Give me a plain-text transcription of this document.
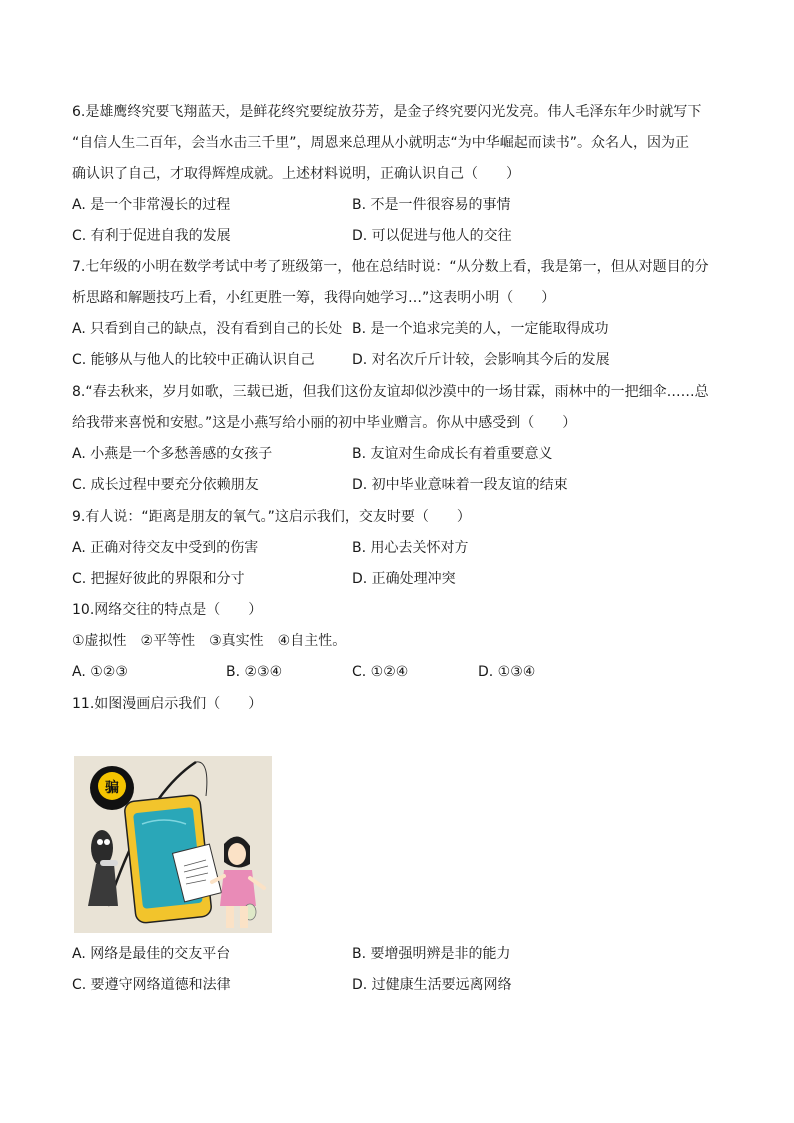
6.是雄鹰终究要飞翔蓝天，是鲜花终究要绽放芬芳，是金子终究要闪光发亮。伟人毛泽东年少时就写下
“自信人生二百年，会当水击三千里”，周恩来总理从小就明志“为中华崛起而读书”。众名人，因为正
确认识了自己，才取得辉煌成就。上述材料说明，正确认识自己（　　）
A. 是一个非常漫长的过程	B. 不是一件很容易的事情
C. 有利于促进自我的发展	D. 可以促进与他人的交往
7.七年级的小明在数学考试中考了班级第一，他在总结时说：“从分数上看，我是第一，但从对题目的分
析思路和解题技巧上看，小红更胜一筹，我得向她学习…”这表明小明（　　）
A. 只看到自己的缺点，没有看到自己的长处 B. 是一个追求完美的人，一定能取得成功
C. 能够从与他人的比较中正确认识自己	D. 对名次斤斤计较，会影响其今后的发展
8.“春去秋来，岁月如歌，三载已逝，但我们这份友谊却似沙漠中的一场甘霖，雨林中的一把细伞……总
给我带来喜悦和安慰。”这是小燕写给小丽的初中毕业赠言。你从中感受到（　　）
A. 小燕是一个多愁善感的女孩子	B. 友谊对生命成长有着重要意义
C. 成长过程中要充分依赖朋友	D. 初中毕业意味着一段友谊的结束
9.有人说：“距离是朋友的氧气。”这启示我们，交友时要（　　）
A. 正确对待交友中受到的伤害	B. 用心去关怀对方
C. 把握好彼此的界限和分寸	D. 正确处理冲突
10.网络交往的特点是（　　）
①虚拟性　②平等性　③真实性　④自主性。
A. ①②③	B. ②③④	C. ①②④	D. ①③④
11.如图漫画启示我们（　　）
骗
A. 网络是最佳的交友平台	B. 要增强明辨是非的能力
C. 要遵守网络道德和法律	D. 过健康生活要远离网络
